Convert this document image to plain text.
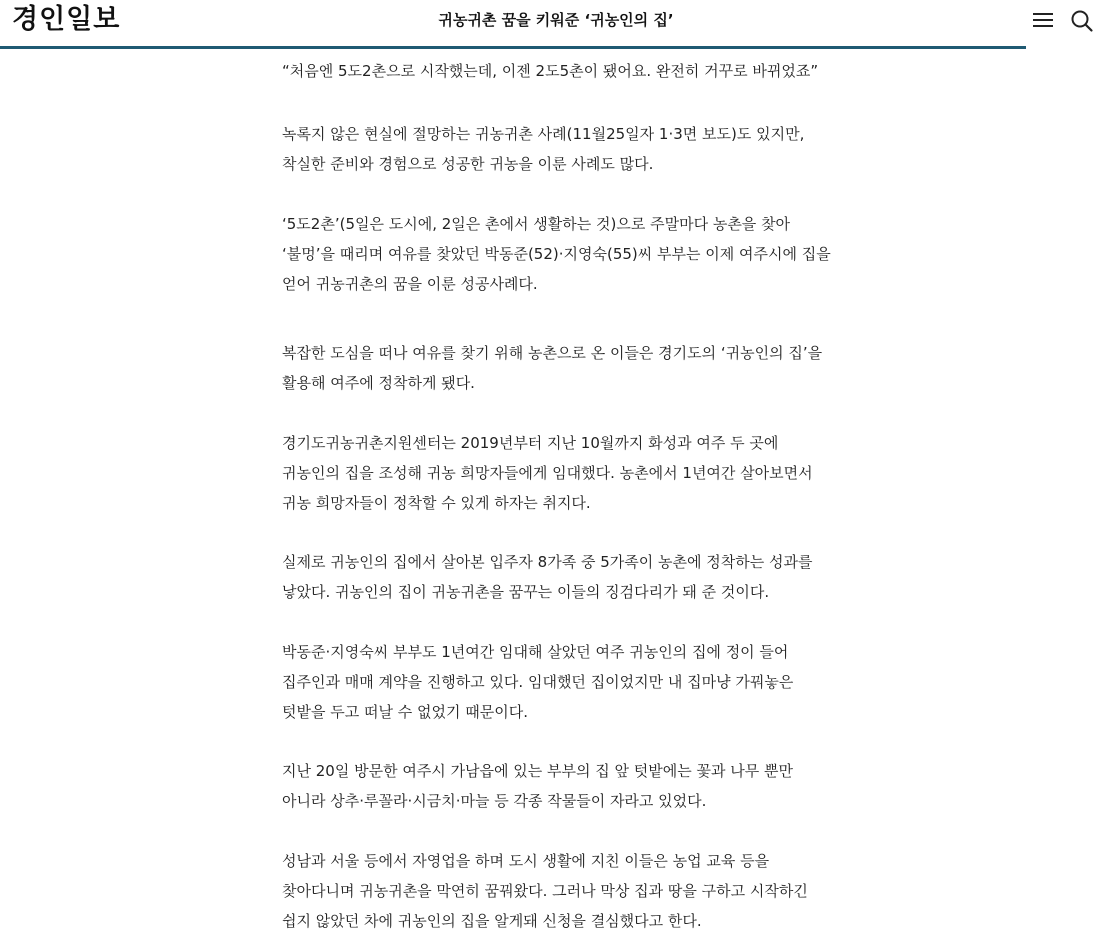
경인일보	귀농귀촌 꿈을 키워준 ‘귀농인의 집’

“처음엔 5도2촌으로 시작했는데, 이젠 2도5촌이 됐어요. 완전히 거꾸로 바뀌었죠”

녹록지 않은 현실에 절망하는 귀농귀촌 사례(11월25일자 1·3면 보도)도 있지만,
착실한 준비와 경험으로 성공한 귀농을 이룬 사례도 많다.

‘5도2촌’(5일은 도시에, 2일은 촌에서 생활하는 것)으로 주말마다 농촌을 찾아
‘불멍’을 때리며 여유를 찾았던 박동준(52)·지영숙(55)씨 부부는 이제 여주시에 집을
얻어 귀농귀촌의 꿈을 이룬 성공사례다.

복잡한 도심을 떠나 여유를 찾기 위해 농촌으로 온 이들은 경기도의 ‘귀농인의 집’을
활용해 여주에 정착하게 됐다.

경기도귀농귀촌지원센터는 2019년부터 지난 10월까지 화성과 여주 두 곳에
귀농인의 집을 조성해 귀농 희망자들에게 임대했다. 농촌에서 1년여간 살아보면서
귀농 희망자들이 정착할 수 있게 하자는 취지다.

실제로 귀농인의 집에서 살아본 입주자 8가족 중 5가족이 농촌에 정착하는 성과를
낳았다. 귀농인의 집이 귀농귀촌을 꿈꾸는 이들의 징검다리가 돼 준 것이다.

박동준·지영숙씨 부부도 1년여간 임대해 살았던 여주 귀농인의 집에 정이 들어
집주인과 매매 계약을 진행하고 있다. 임대했던 집이었지만 내 집마냥 가꿔놓은
텃밭을 두고 떠날 수 없었기 때문이다.

지난 20일 방문한 여주시 가남읍에 있는 부부의 집 앞 텃밭에는 꽃과 나무 뿐만
아니라 상추·루꼴라·시금치·마늘 등 각종 작물들이 자라고 있었다.

성남과 서울 등에서 자영업을 하며 도시 생활에 지친 이들은 농업 교육 등을
찾아다니며 귀농귀촌을 막연히 꿈꿔왔다. 그러나 막상 집과 땅을 구하고 시작하긴
쉽지 않았던 차에 귀농인의 집을 알게돼 신청을 결심했다고 한다.
